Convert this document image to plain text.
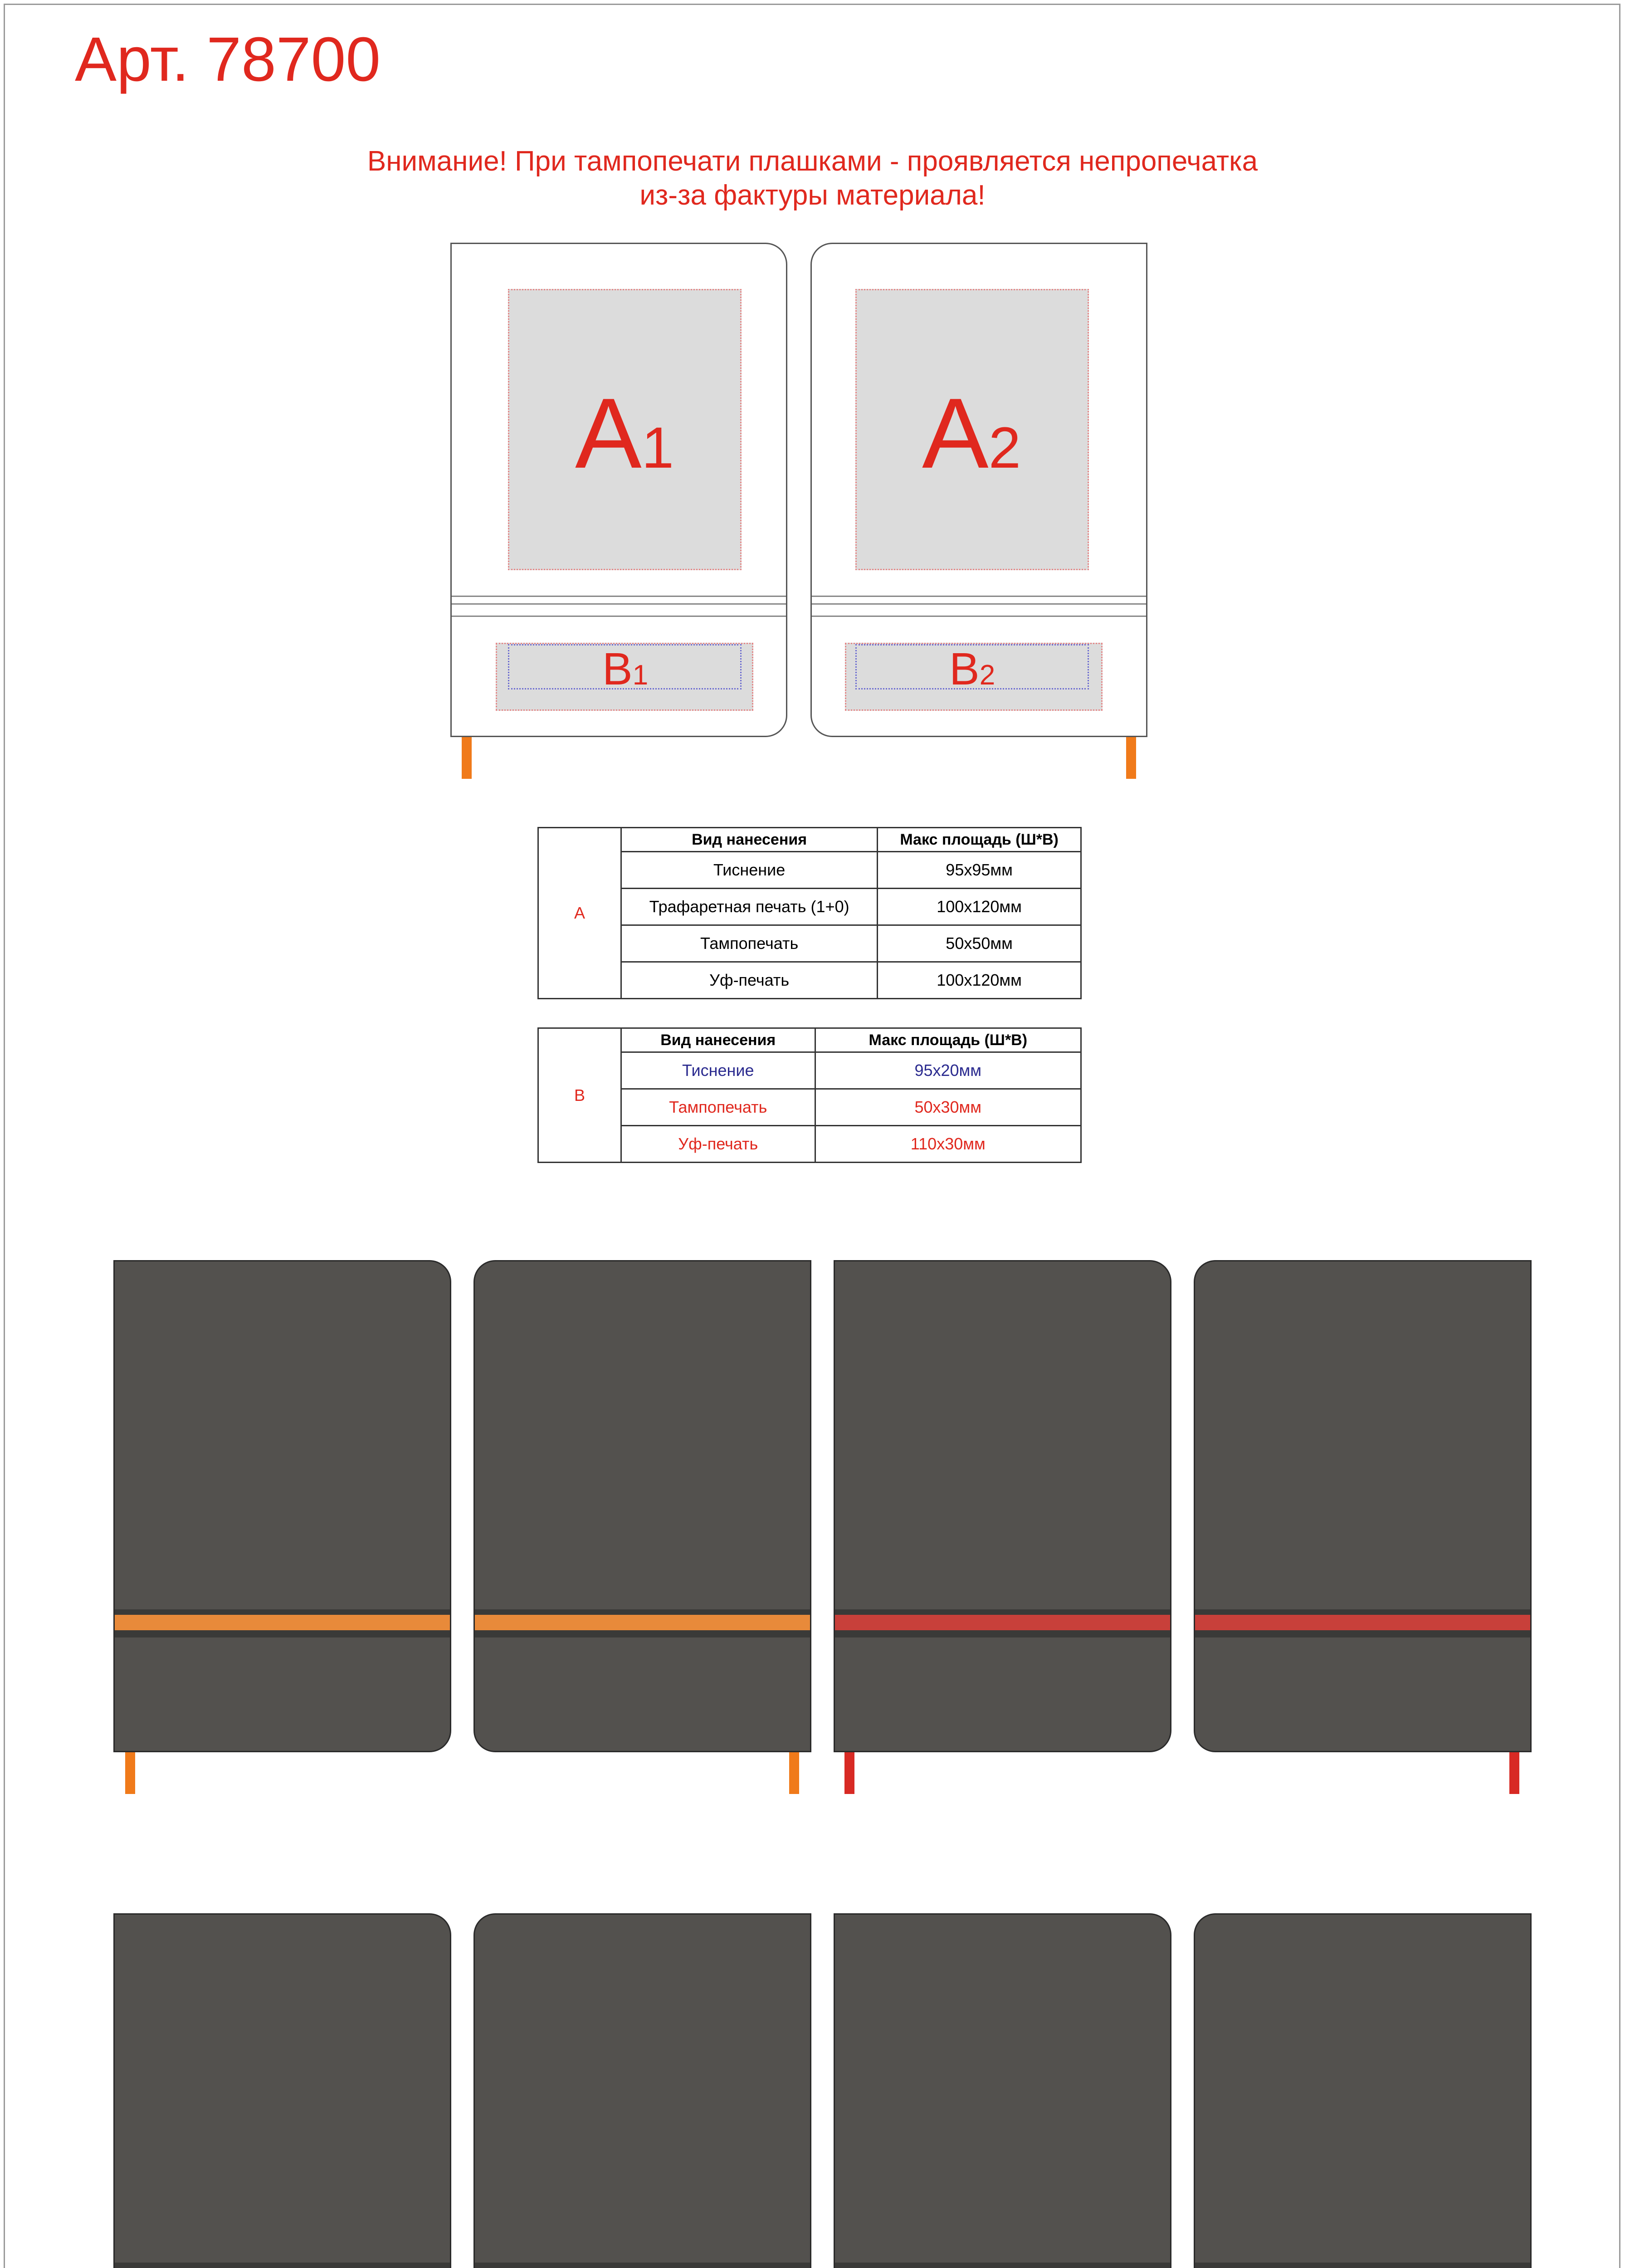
Арт. 78700
Внимание! При тампопечати плашками - проявляется непропечатка
из-за фактуры материала!
A1
B1
A2
B2
A	Вид нанесения	Макс площадь (Ш*В)
	Тиснение	95х95мм
	Трафаретная печать (1+0)	100х120мм
	Тампопечать	50х50мм
	Уф-печать	100х120мм
B	Вид нанесения	Макс площадь (Ш*В)
	Тиснение	95х20мм
	Тампопечать	50х30мм
	Уф-печать	110х30мм
